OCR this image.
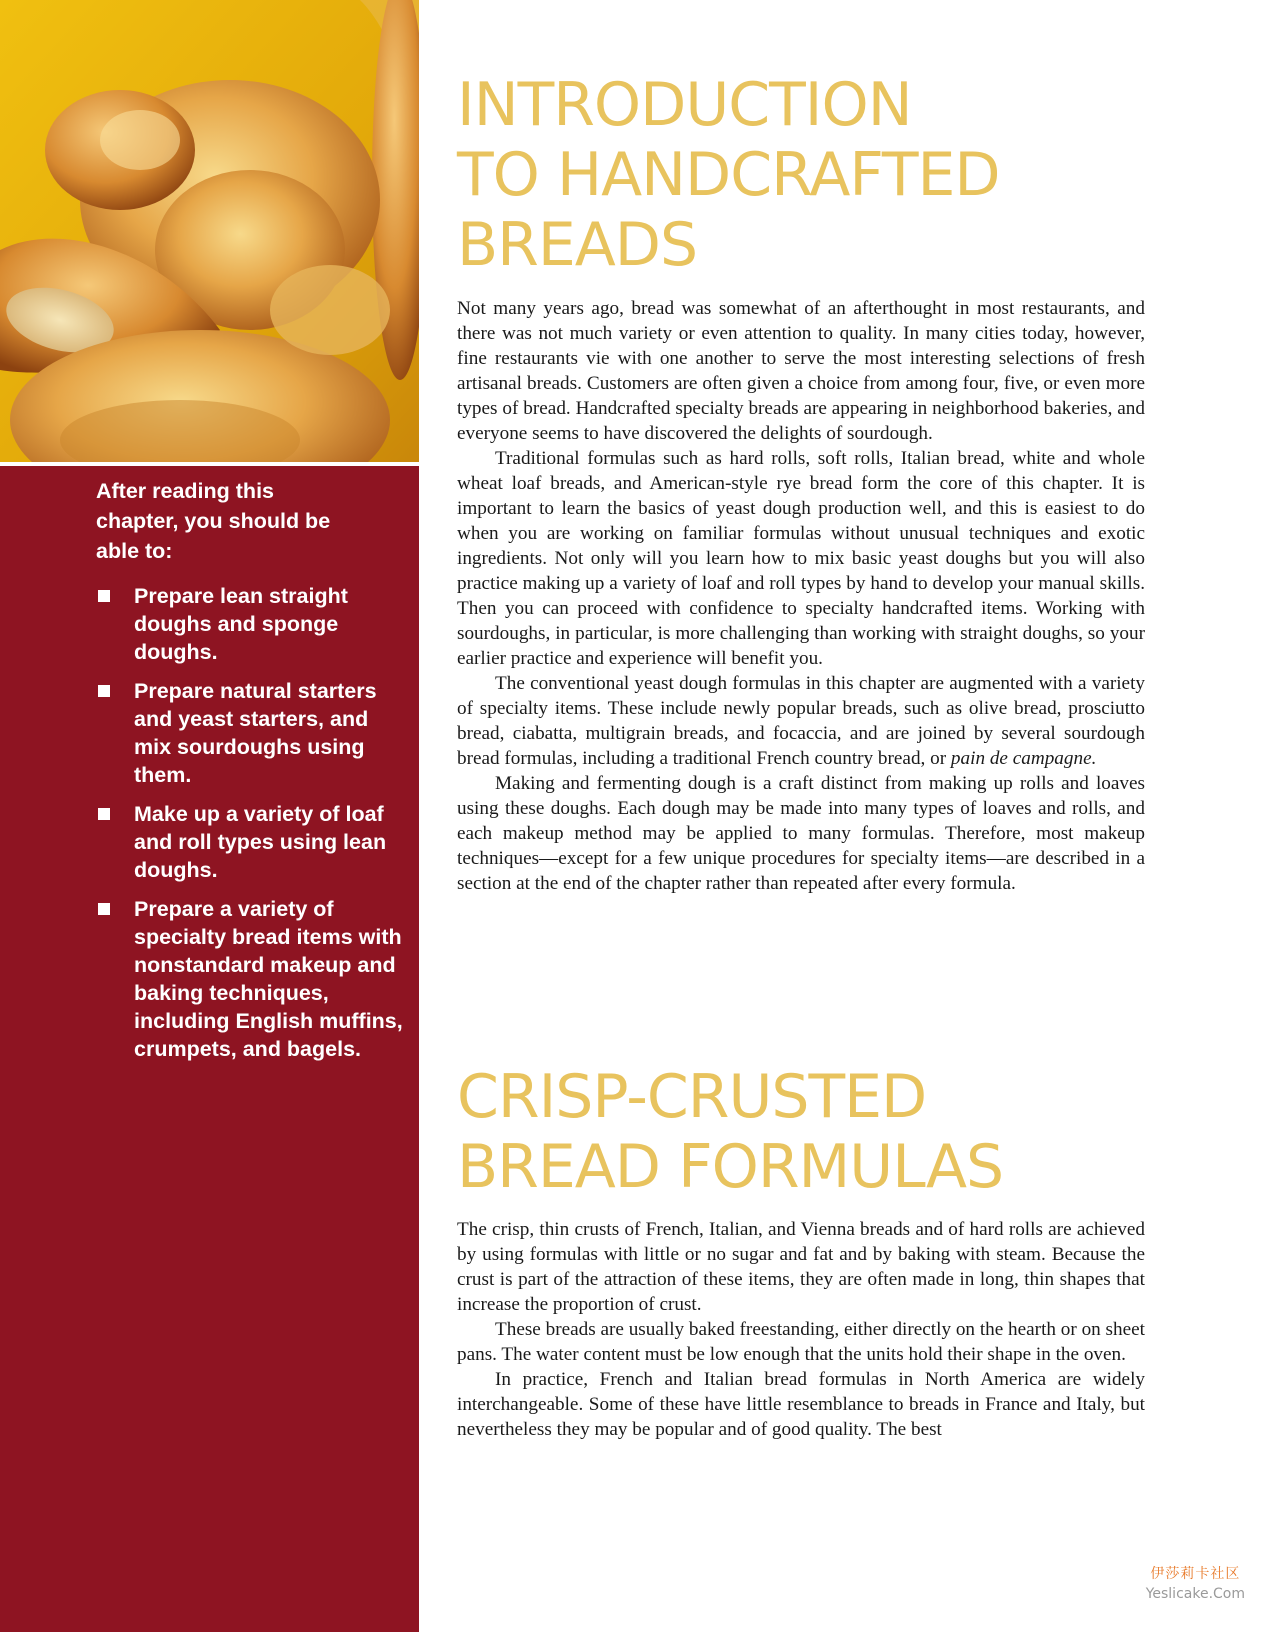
After reading this chapter, you should be able to:

Prepare lean straight doughs and sponge doughs.
Prepare natural starters and yeast starters, and mix sourdoughs using them.
Make up a variety of loaf and roll types using lean doughs.
Prepare a variety of specialty bread items with nonstandard makeup and baking techniques, including English muffins, crumpets, and bagels.
INTRODUCTION
TO HANDCRAFTED
BREADS

Not many years ago, bread was somewhat of an afterthought in most restaurants, and there was not much variety or even attention to quality. In many cities today, however, fine restaurants vie with one another to serve the most interesting selections of fresh artisanal breads. Customers are often given a choice from among four, five, or even more types of bread. Handcrafted specialty breads are appearing in neighborhood bakeries, and everyone seems to have discovered the delights of sourdough.

Traditional formulas such as hard rolls, soft rolls, Italian bread, white and whole wheat loaf breads, and American-style rye bread form the core of this chapter. It is important to learn the basics of yeast dough production well, and this is easiest to do when you are working on familiar formulas without unusual techniques and exotic ingredients. Not only will you learn how to mix basic yeast doughs but you will also practice making up a variety of loaf and roll types by hand to develop your manual skills. Then you can proceed with confidence to specialty handcrafted items. Working with sourdoughs, in particular, is more challenging than working with straight doughs, so your earlier practice and experience will benefit you.

The conventional yeast dough formulas in this chapter are augmented with a variety of specialty items. These include newly popular breads, such as olive bread, prosciutto bread, ciabatta, multigrain breads, and focaccia, and are joined by several sourdough bread formulas, including a traditional French country bread, or pain de campagne.

Making and fermenting dough is a craft distinct from making up rolls and loaves using these doughs. Each dough may be made into many types of loaves and rolls, and each makeup method may be applied to many formulas. Therefore, most makeup techniques—except for a few unique procedures for specialty items—are described in a section at the end of the chapter rather than repeated after every formula.

CRISP-CRUSTED
BREAD FORMULAS

The crisp, thin crusts of French, Italian, and Vienna breads and of hard rolls are achieved by using formulas with little or no sugar and fat and by baking with steam. Because the crust is part of the attraction of these items, they are often made in long, thin shapes that increase the proportion of crust.

These breads are usually baked freestanding, either directly on the hearth or on sheet pans. The water content must be low enough that the units hold their shape in the oven.

In practice, French and Italian bread formulas in North America are widely interchangeable. Some of these have little resemblance to breads in France and Italy, but nevertheless they may be popular and of good quality. The best

伊莎莉卡社区
Yeslicake.Com
